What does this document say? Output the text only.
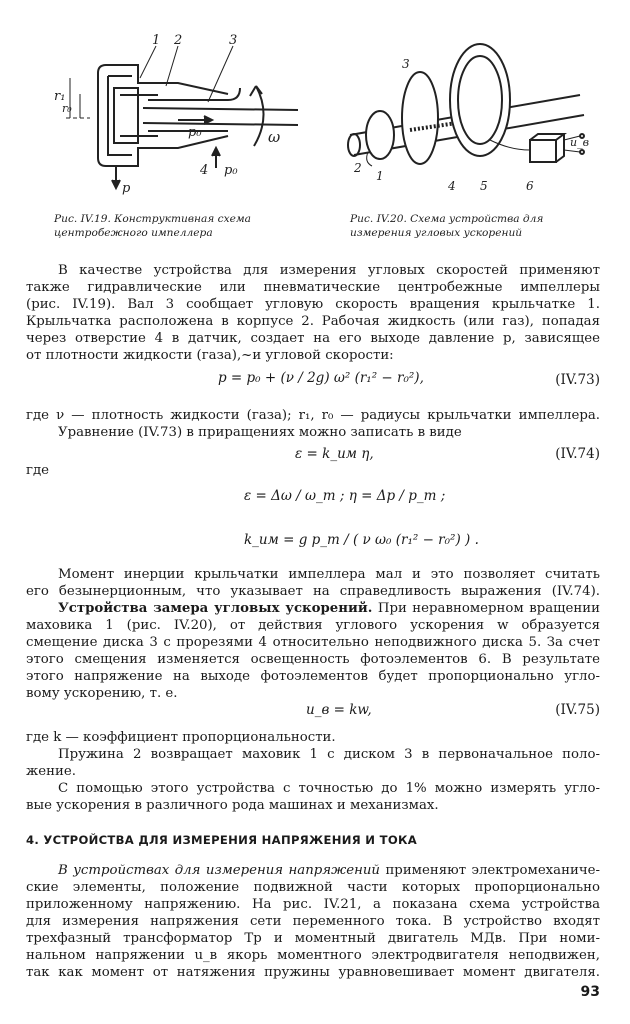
1 2	3
4
r₁
r₀
p₀
p₀
p
ω
Рис. IV.19. Конструктивная схема центробежного импеллера
3
1
2
4 5	6
u_в
Рис. IV.20. Схема устройства для измерения угловых ускорений
В качестве устройства для измерения угловых скоростей применяют
также гидравлические или пневматические центробежные импеллеры
(рис. IV.19). Вал 3 сообщает угловую скорость вращения крыльчатке 1.
Крыльчатка расположена в корпусе 2. Рабочая жидкость (или газ), попадая
через отверстие 4 в датчик, создает на его выходе давление p, зависящее
от плотности жидкости (газа),~и угловой скорости:
p = p₀ + (ν / 2g) ω² (r₁² − r₀²),	(IV.73)
где ν — плотность жидкости (газа); r₁, r₀ — радиусы крыльчатки импеллера.
Уравнение (IV.73) в приращениях можно записать в виде
ε = k_им η,	(IV.74)
где
ε = Δω / ω_m ; η = Δp / p_m ;
k_им = g p_m / ( ν ω₀ (r₁² − r₀²) ) .
Момент инерции крыльчатки импеллера мал и это позволяет считать
его безынерционным, что указывает на справедливость выражения (IV.74).
Устройства замера угловых ускорений. При неравномерном вращении
маховика 1 (рис. IV.20), от действия углового ускорения w образуется
смещение диска 3 с прорезями 4 относительно неподвижного диска 5. За счет
этого смещения изменяется освещенность фотоэлементов 6. В результате
этого напряжение на выходе фотоэлементов будет пропорционально угло-
вому ускорению, т. е.
u_в = kw,	(IV.75)
где k — коэффициент пропорциональности.
Пружина 2 возвращает маховик 1 с диском 3 в первоначальное поло-
жение.
С помощью этого устройства с точностью до 1% можно измерять угло-
вые ускорения в различного рода машинах и механизмах.
4. УСТРОЙСТВА ДЛЯ ИЗМЕРЕНИЯ НАПРЯЖЕНИЯ И ТОКА
В устройствах для измерения напряжений применяют электромеханиче-
ские элементы, положение подвижной части которых пропорционально
приложенному напряжению. На рис. IV.21, а показана схема устройства
для измерения напряжения сети переменного тока. В устройство входят
трехфазный трансформатор Тр и моментный двигатель МДв. При номи-
нальном напряжении u_в якорь моментного электродвигателя неподвижен,
так как момент от натяжения пружины уравновешивает момент двигателя.
93
